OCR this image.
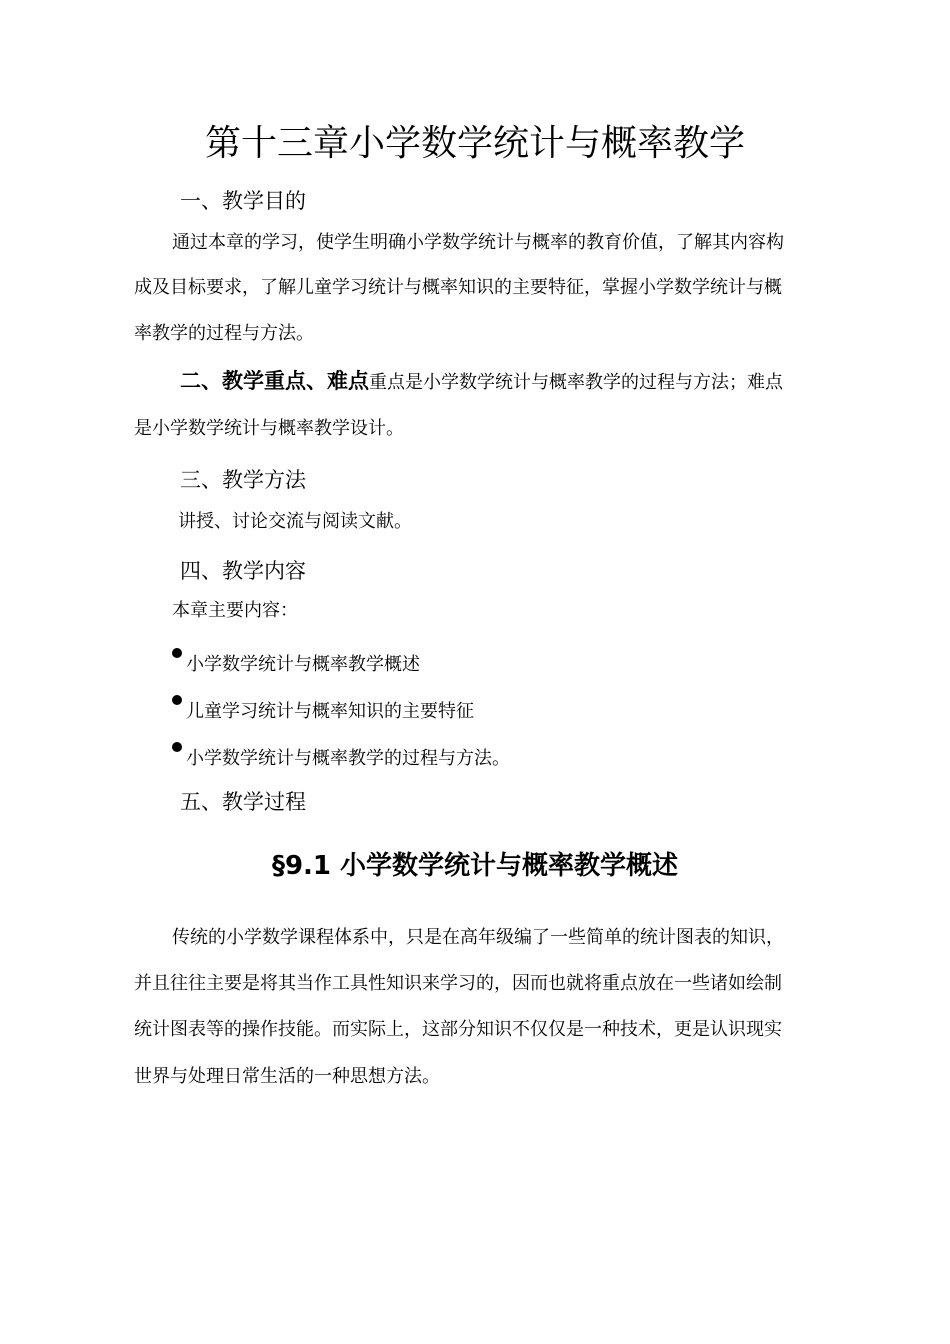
第十三章小学数学统计与概率教学
一、教学目的
通过本章的学习，使学生明确小学数学统计与概率的教育价值，了解其内容构
成及目标要求，了解儿童学习统计与概率知识的主要特征，掌握小学数学统计与概
率教学的过程与方法。
二、教学重点、难点重点是小学数学统计与概率教学的过程与方法；难点
是小学数学统计与概率教学设计。
三、教学方法
讲授、讨论交流与阅读文献。
四、教学内容
本章主要内容：
小学数学统计与概率教学概述
儿童学习统计与概率知识的主要特征
小学数学统计与概率教学的过程与方法。
五、教学过程
§9.1 小学数学统计与概率教学概述
传统的小学数学课程体系中，只是在高年级编了一些简单的统计图表的知识，
并且往往主要是将其当作工具性知识来学习的，因而也就将重点放在一些诸如绘制
统计图表等的操作技能。而实际上，这部分知识不仅仅是一种技术，更是认识现实
世界与处理日常生活的一种思想方法。
